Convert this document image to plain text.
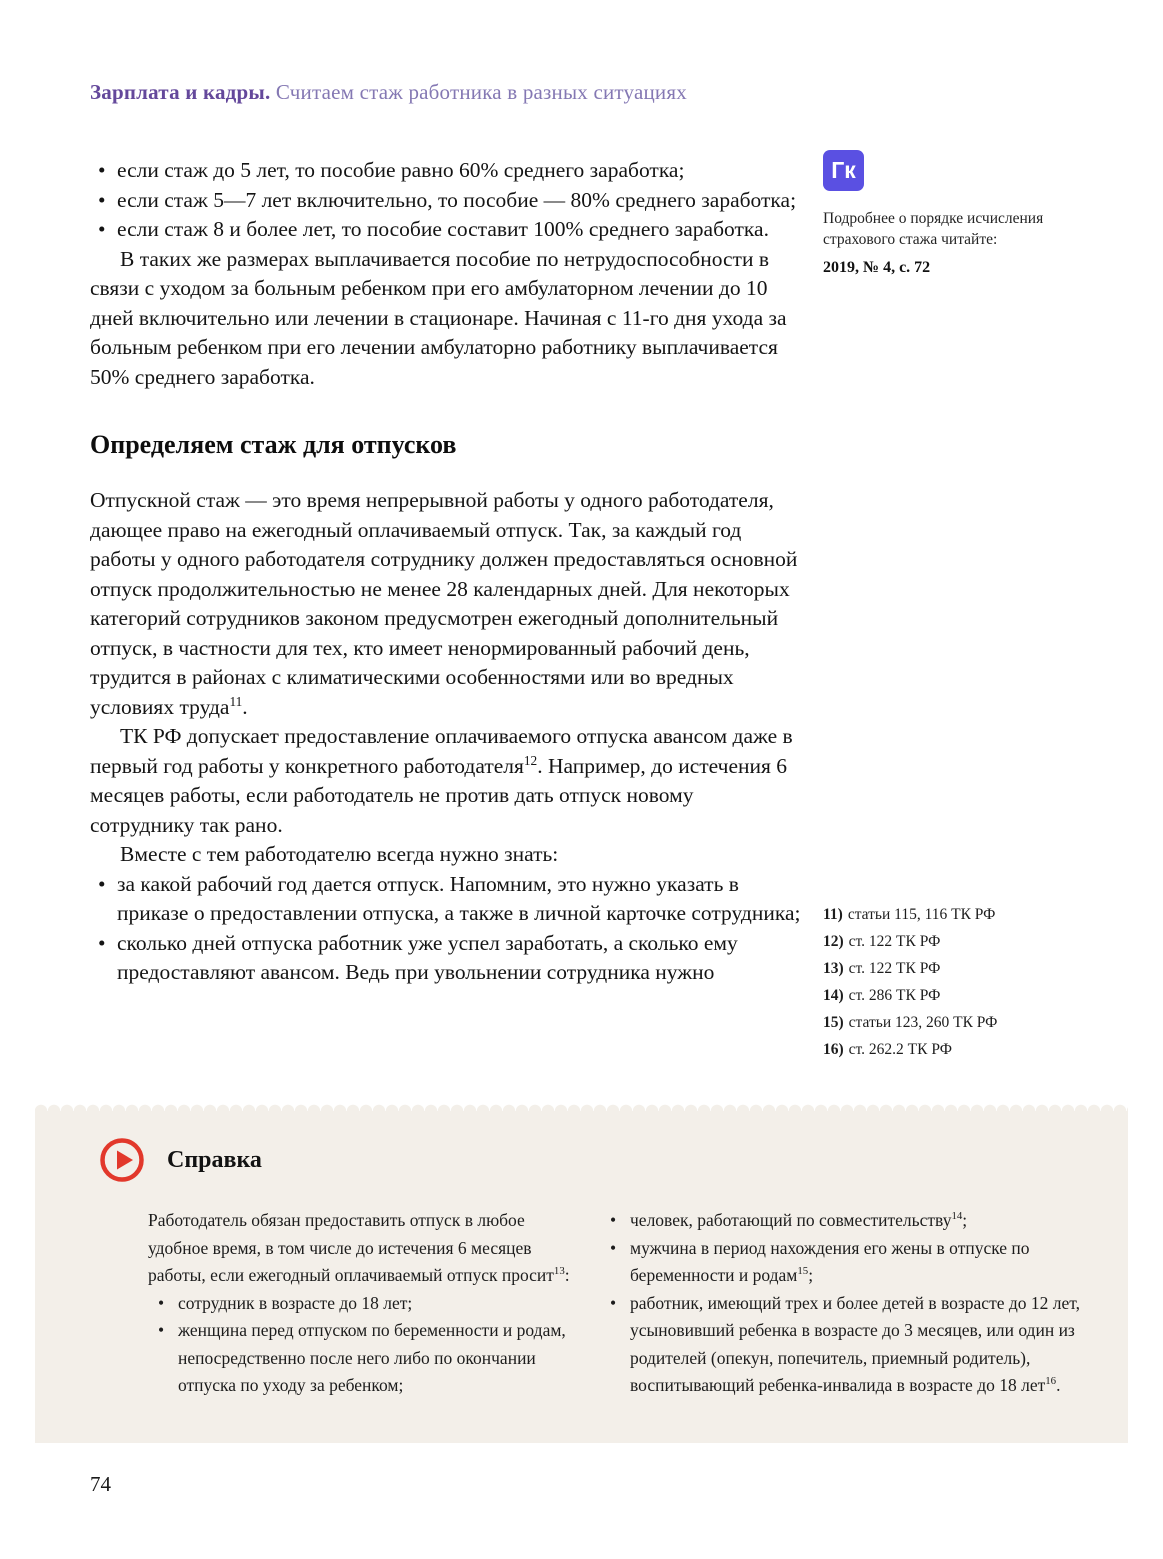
Зарплата и кадры. Считаем стаж работника в разных ситуациях
• если стаж до 5 лет, то пособие равно 60% среднего заработка;
• если стаж 5—7 лет включительно, то пособие — 80% среднего заработка;
• если стаж 8 и более лет, то пособие составит 100% среднего заработка.

В таких же размерах выплачивается пособие по нетрудоспособности в связи с уходом за больным ребенком при его амбулаторном лечении до 10 дней включительно или лечении в стационаре. Начиная с 11-го дня ухода за больным ребенком при его лечении амбулаторно работнику выплачивается 50% среднего заработка.

Определяем стаж для отпусков

Отпускной стаж — это время непрерывной работы у одного работодателя, дающее право на ежегодный оплачиваемый отпуск. Так, за каждый год работы у одного работодателя сотруднику должен предоставляться основной отпуск продолжительностью не менее 28 календарных дней. Для некоторых категорий сотрудников законом предусмотрен ежегодный дополнительный отпуск, в частности для тех, кто имеет ненормированный рабочий день, трудится в районах с климатическими особенностями или во вредных условиях труда$^{11}$.

ТК РФ допускает предоставление оплачиваемого отпуска авансом даже в первый год работы у конкретного работодателя$^{12}$. Например, до истечения 6 месяцев работы, если работодатель не против дать отпуск новому сотруднику так рано.

Вместе с тем работодателю всегда нужно знать:

• за какой рабочий год дается отпуск. Напомним, это нужно указать в приказе о предоставлении отпуска, а также в личной карточке сотрудника;
• сколько дней отпуска работник уже успел заработать, а сколько ему предоставляют авансом. Ведь при увольнении сотрудника нужно
Гк
Подробнее о порядке исчисления страхового стажа читайте:
2019, № 4, с. 72
11) статьи 115, 116 ТК РФ
12) ст. 122 ТК РФ
13) ст. 122 ТК РФ
14) ст. 286 ТК РФ
15) статьи 123, 260 ТК РФ
16) ст. 262.2 ТК РФ
Справка

Работодатель обязан предоставить отпуск в любое удобное время, в том числе до истечения 6 месяцев работы, если ежегодный оплачиваемый отпуск просит$^{13}$:

• сотрудник в возрасте до 18 лет;
• женщина перед отпуском по беременности и родам, непосредственно после него либо по окончании отпуска по уходу за ребенком;
• человек, работающий по совместительству$^{14}$;
• мужчина в период нахождения его жены в отпуске по беременности и родам$^{15}$;
• работник, имеющий трех и более детей в возрасте до 12 лет, усыновивший ребенка в возрасте до 3 месяцев, или один из родителей (опекун, попечитель, приемный родитель), воспитывающий ребенка-инвалида в возрасте до 18 лет$^{16}$.
74
